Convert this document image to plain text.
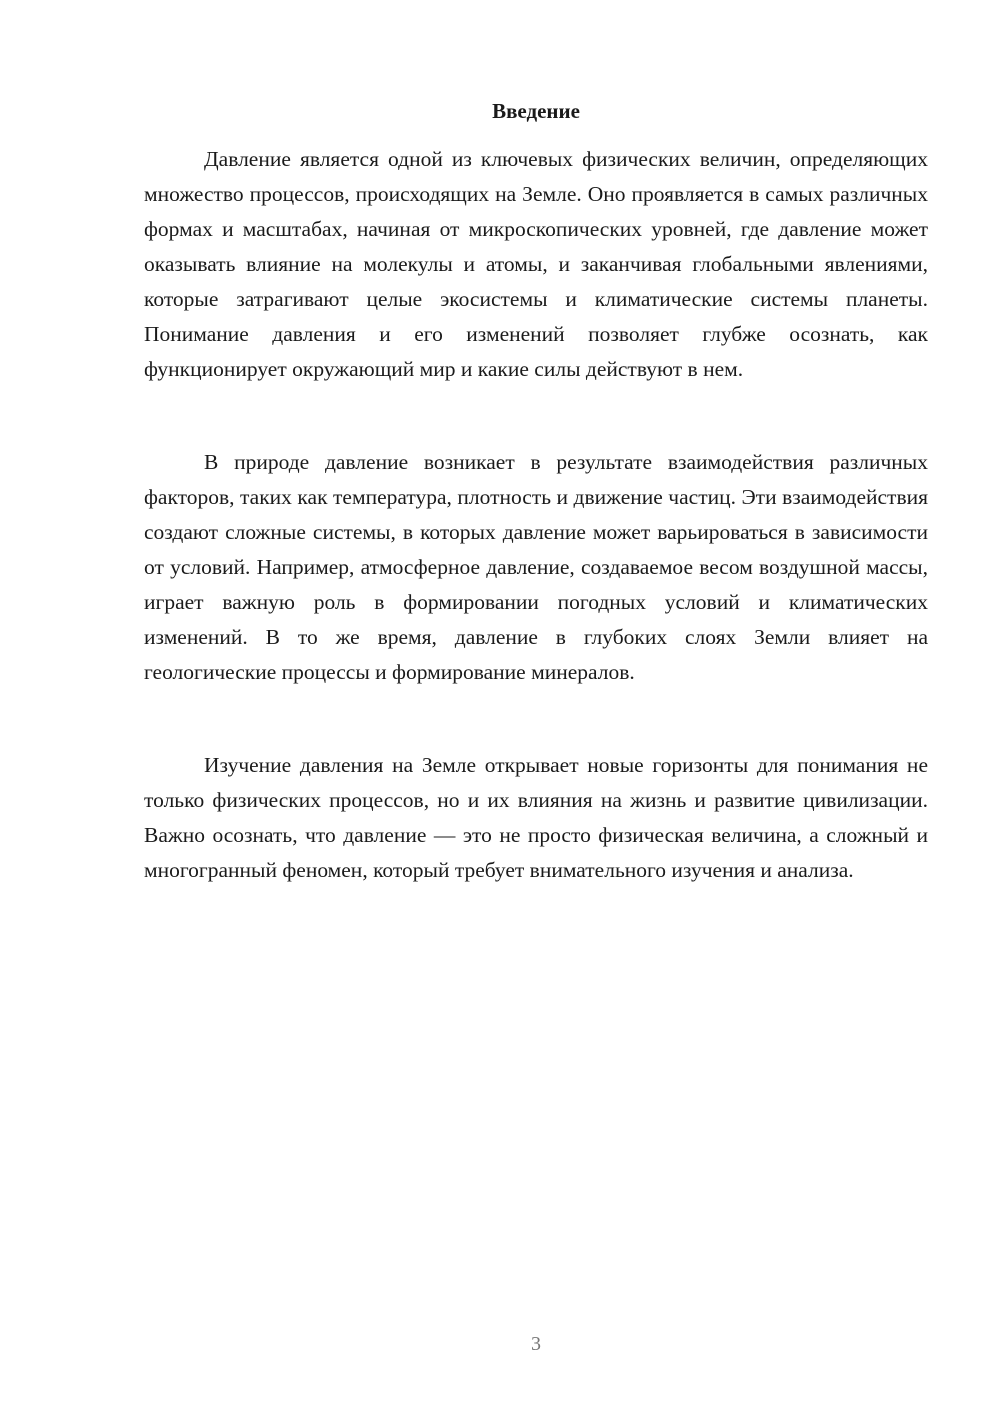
Введение

Давление является одной из ключевых физических величин, определяющих множество процессов, происходящих на Земле. Оно проявляется в самых различных формах и масштабах, начиная от микроскопических уровней, где давление может оказывать влияние на молекулы и атомы, и заканчивая глобальными явлениями, которые затрагивают целые экосистемы и климатические системы планеты. Понимание давления и его изменений позволяет глубже осознать, как функционирует окружающий мир и какие силы действуют в нем.

В природе давление возникает в результате взаимодействия различных факторов, таких как температура, плотность и движение частиц. Эти взаимодействия создают сложные системы, в которых давление может варьироваться в зависимости от условий. Например, атмосферное давление, создаваемое весом воздушной массы, играет важную роль в формировании погодных условий и климатических изменений. В то же время, давление в глубоких слоях Земли влияет на геологические процессы и формирование минералов.

Изучение давления на Земле открывает новые горизонты для понимания не только физических процессов, но и их влияния на жизнь и развитие цивилизации. Важно осознать, что давление — это не просто физическая величина, а сложный и многогранный феномен, который требует внимательного изучения и анализа.

3
